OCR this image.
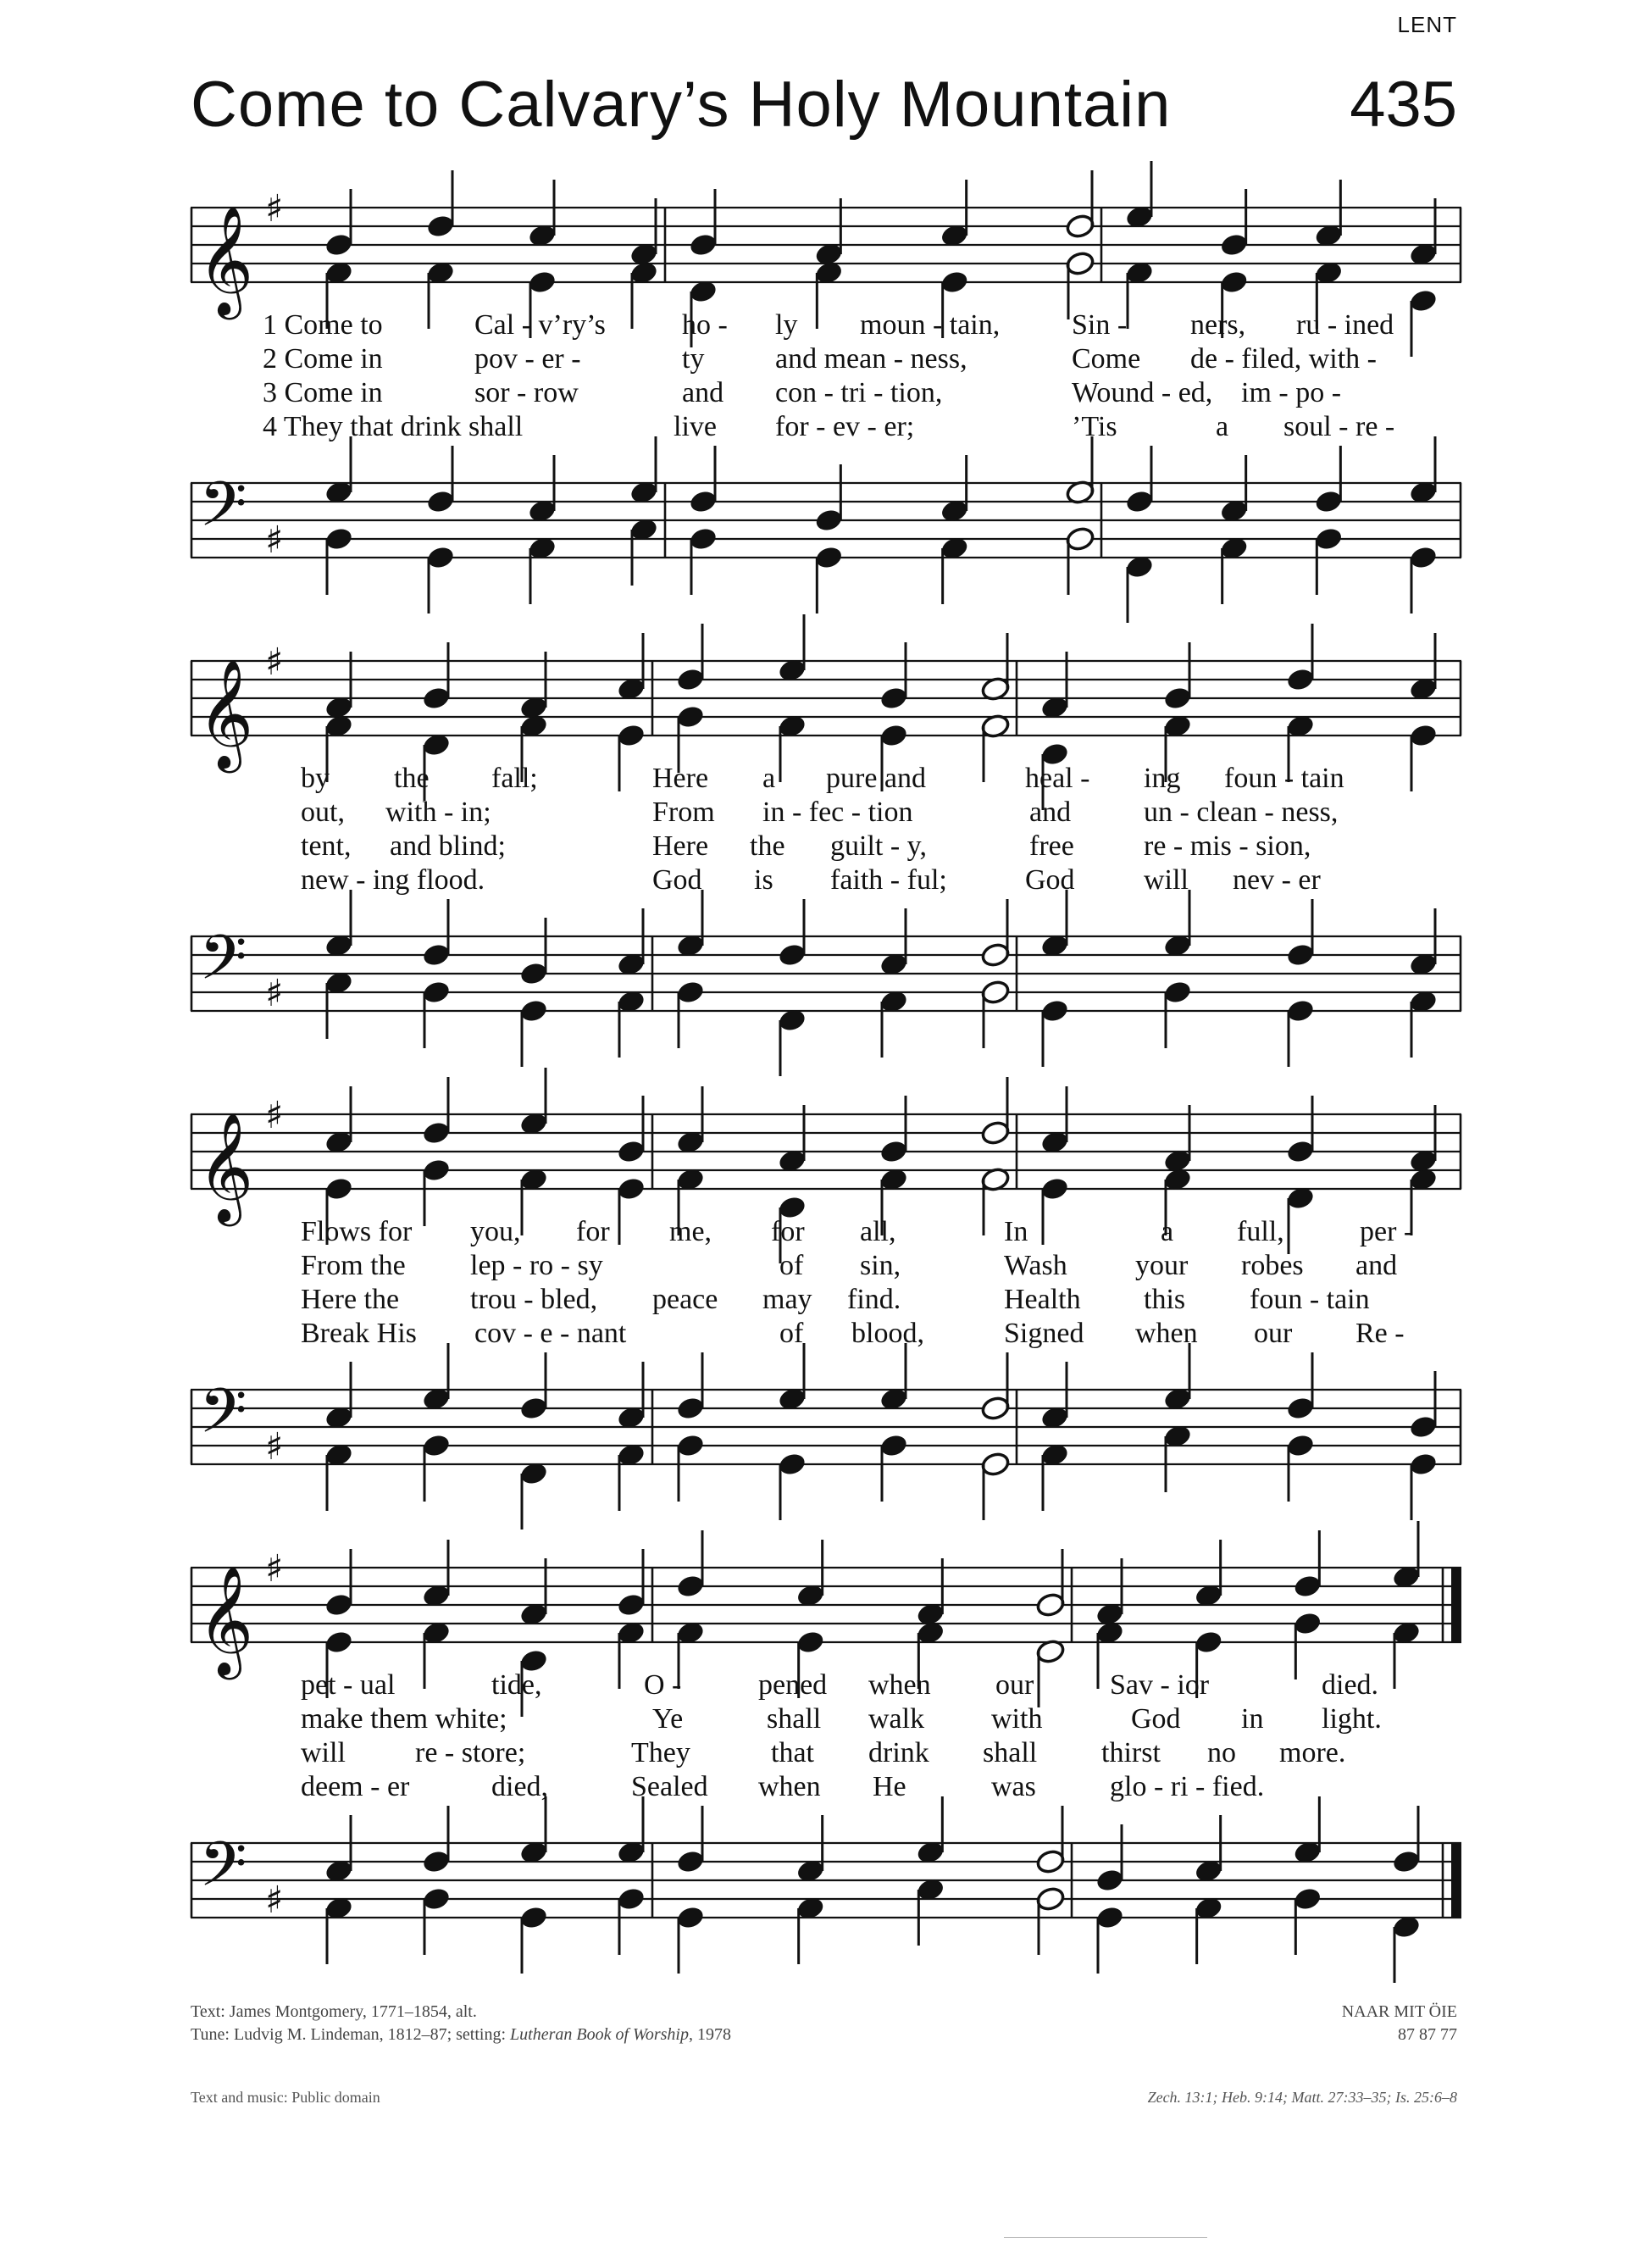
LENT
Come to Calvary’s Holy Mountain	435
𝄞 ♯
1 Come to	Cal - v’ry’s	ho - ly moun - tain, Sin - ners, ru - ined
2 Come in	pov - er -	ty and mean - ness,	Come de - filed, with -
3 Come in	sor - row	and con - tri - tion,	Wound - ed, im - po -
4 They that drink shall	live for - ev - er;	’Tis	a soul - re -
𝄢 ♯
𝄞 ♯
by the fall;	Here a pure and	heal - ing foun - tain
out, with - in;	From in - fec - tion	and	un - clean - ness,
tent, and blind;	Here the guilt - y,	free re - mis - sion,
new - ing flood.	God is faith - ful;	God will nev - er
𝄢 ♯
𝄞 ♯
Flows for you, for me, for all,	In	a full,	per -
From the lep - ro - sy	of sin,	Wash your robes and
Here the trou - bled, peace may find.	Health this foun - tain
Break His cov - e - nant	of blood,	Signed when our Re -
𝄢 ♯
𝄞 ♯
pet - ual	tide,	O -	pened when our	Sav - ior	died.
make them white;	Ye	shall walk with	God in light.
will re - store;	They	that drink shall thirst no more.
deem - er	died,	Sealed when He	was	glo - ri - fied.
𝄢 ♯
Text: James Montgomery, 1771–1854, alt.
Tune: Ludvig M. Lindeman, 1812–87; setting: Lutheran Book of Worship, 1978
NAAR MIT ÖIE
87 87 77
Text and music: Public domain	Zech. 13:1; Heb. 9:14; Matt. 27:33–35; Is. 25:6–8
